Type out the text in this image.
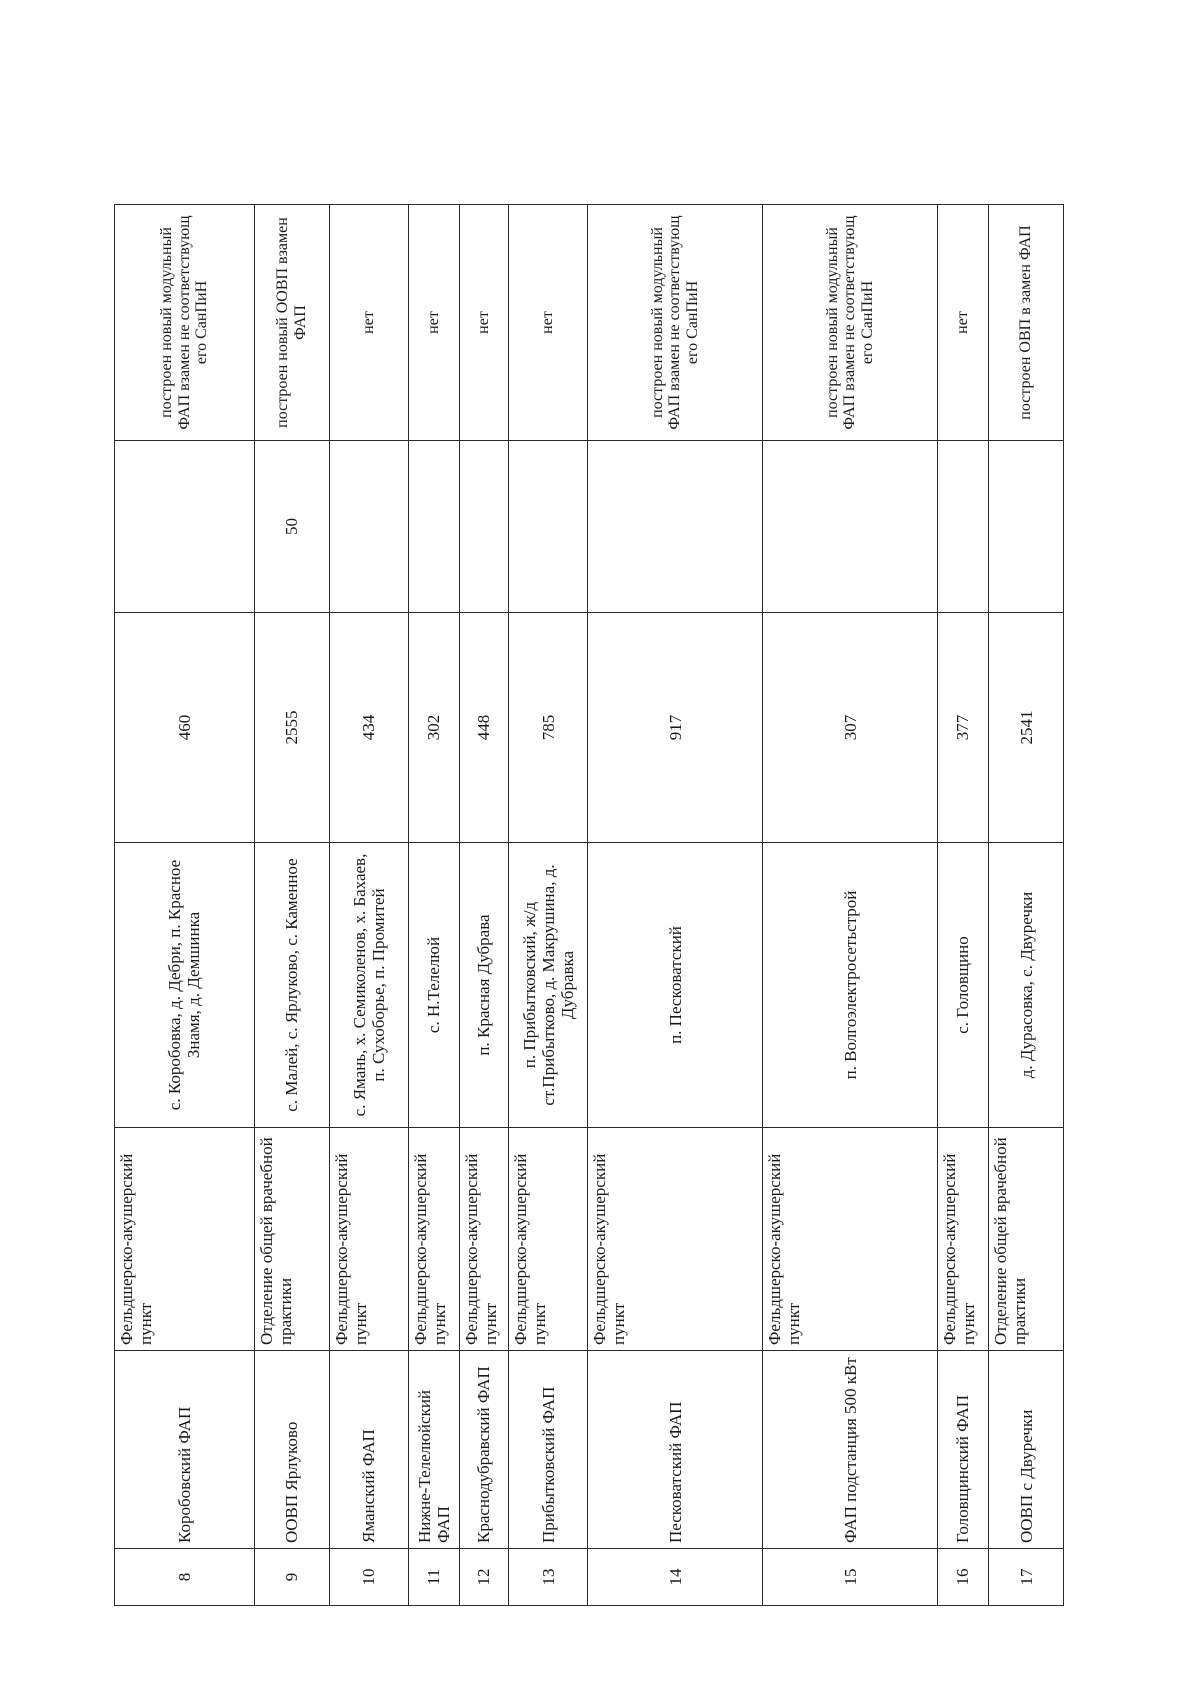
8	Коробовский ФАП	Фельдшерско-акушерский пункт	с. Коробовка, д. Дебри, п. Красное Знамя, д. Демшинка	460		построен новый модульный ФАП взамен не соответствующ его СанПиН
9	ООВП Ярлуково	Отделение общей врачебной практики	с. Малей, с. Ярлуково, с. Каменное	2555	50	построен новый ООВП взамен ФАП
10	Яманский ФАП	Фельдшерско-акушерский пункт	с. Ямань, х. Семиколенов, х. Бахаев, п. Сухоборье, п. Промитей	434		нет
11	Нижне-Телелюйский ФАП	Фельдшерско-акушерский пункт	с. Н.Телелюй	302		нет
12	Краснодубравский ФАП	Фельдшерско-акушерский пункт	п. Красная Дубрава	448		нет
13	Прибытковский ФАП	Фельдшерско-акушерский пункт	п. Прибытковский, ж/д ст.Прибытково, д. Макрушина, д. Дубравка	785		нет
14	Песковатский ФАП	Фельдшерско-акушерский пункт	п. Песковатский	917		построен новый модульный ФАП взамен не соответствующ его СанПиН
15	ФАП подстанция 500 кВт	Фельдшерско-акушерский пункт	п. Волгоэлектросетьстрой	307		построен новый модульный ФАП взамен не соответствующ его СанПиН
16	Головщинский ФАП	Фельдшерско-акушерский пункт	с. Головщино	377		нет
17	ООВП с Двуречки	Отделение общей врачебной практики	д. Дурасовка, с. Двуречки	2541		построен ОВП в замен ФАП
